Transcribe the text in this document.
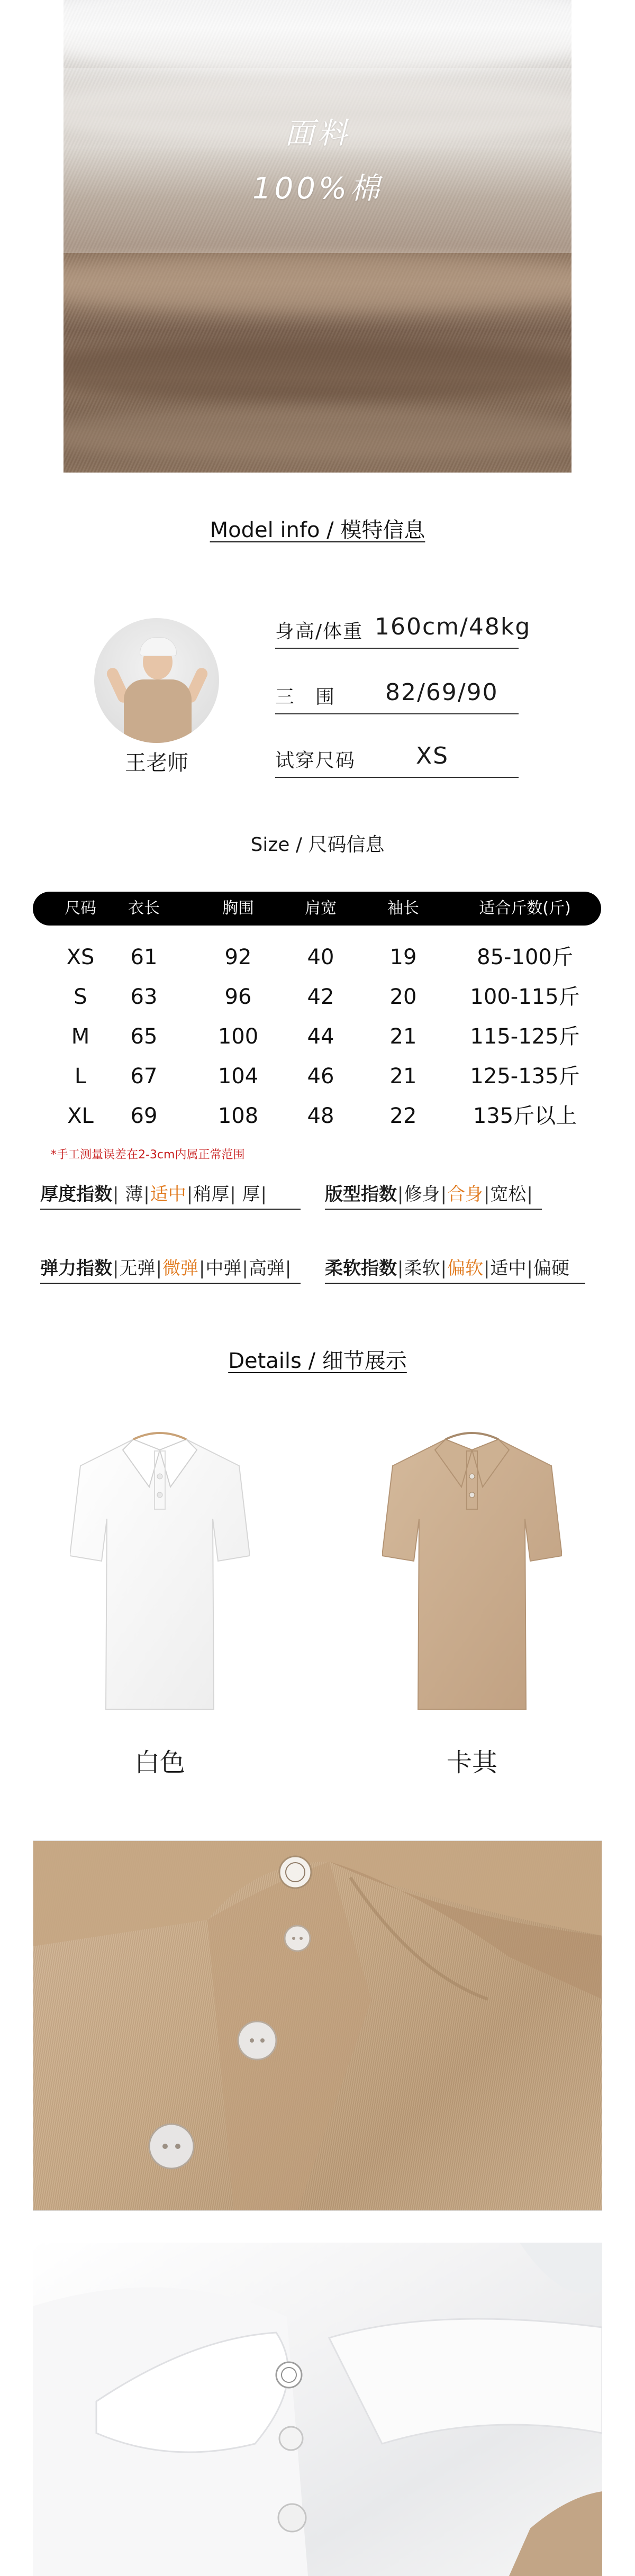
面料
100%棉
Model info / 模特信息
王老师
身高/体重 160cm/48kg
三　围 82/69/90
试穿尺码	XS
Size / 尺码信息
尺码	衣长	胸围	肩宽	袖长	适合斤数(斤)
XS	61	92	40	19	85-100斤
S	63	96	42	20	100-115斤
M	65	100	44	21	115-125斤
L	67	104	46	21	125-135斤
XL	69	108	48	22	135斤以上
*手工测量误差在2-3cm内属正常范围
厚度指数| 薄|适中|稍厚| 厚|	版型指数|修身|合身|宽松|
弹力指数|无弹|微弹|中弹|高弹| 柔软指数|柔软|偏软|适中|偏硬
Details / 细节展示
白色	卡其
